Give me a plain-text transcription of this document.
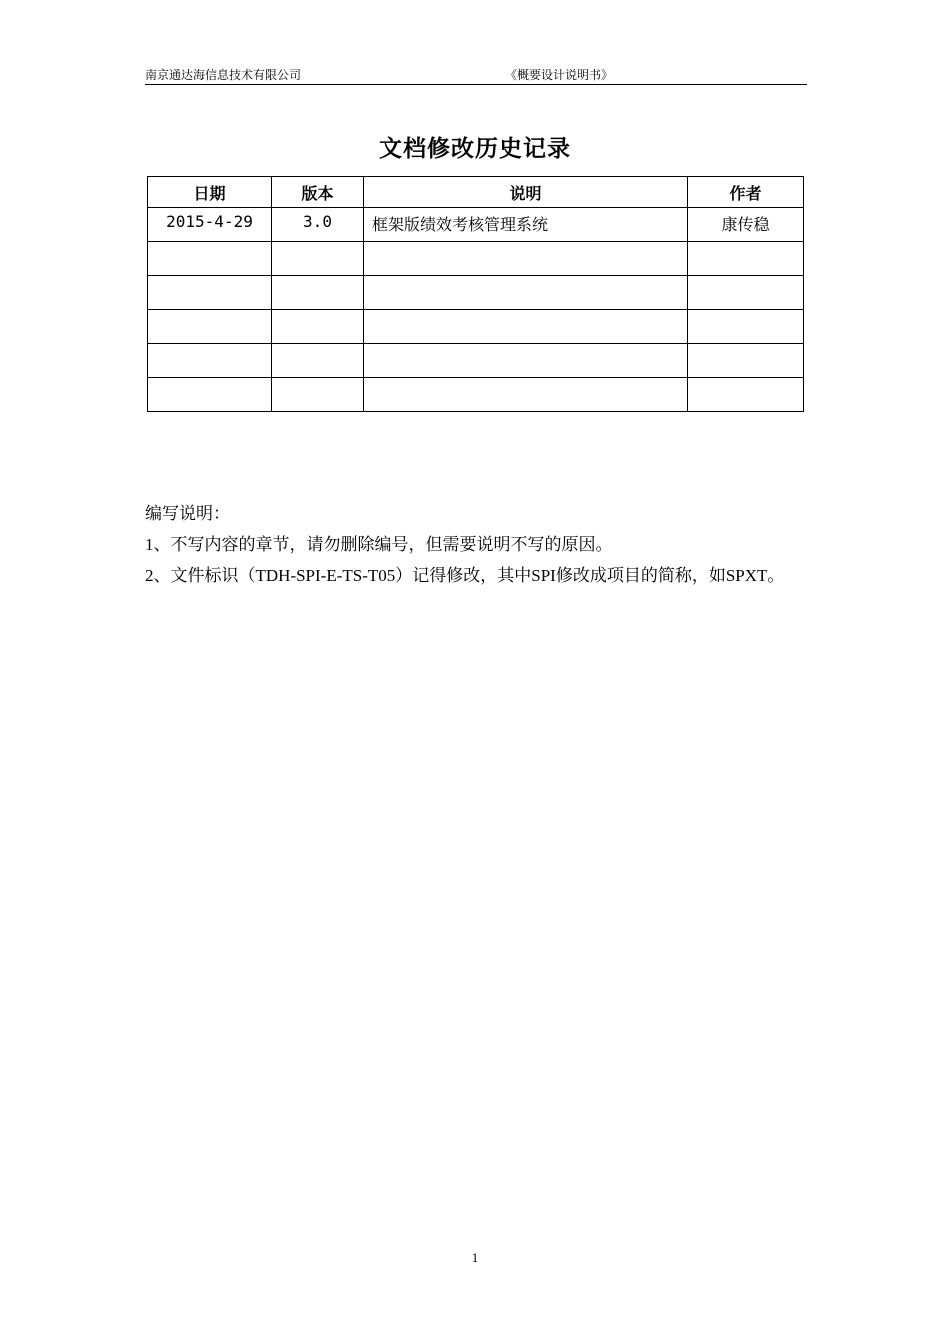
南京通达海信息技术有限公司	《概要设计说明书》
文档修改历史记录
日期	版本	说明	作者
2015-4-29	3.0	框架版绩效考核管理系统	康传稳

编写说明：

1、不写内容的章节，请勿删除编号，但需要说明不写的原因。

2、文件标识（TDH-SPI-E-TS-T05）记得修改，其中SPI修改成项目的简称，如SPXT。

1
